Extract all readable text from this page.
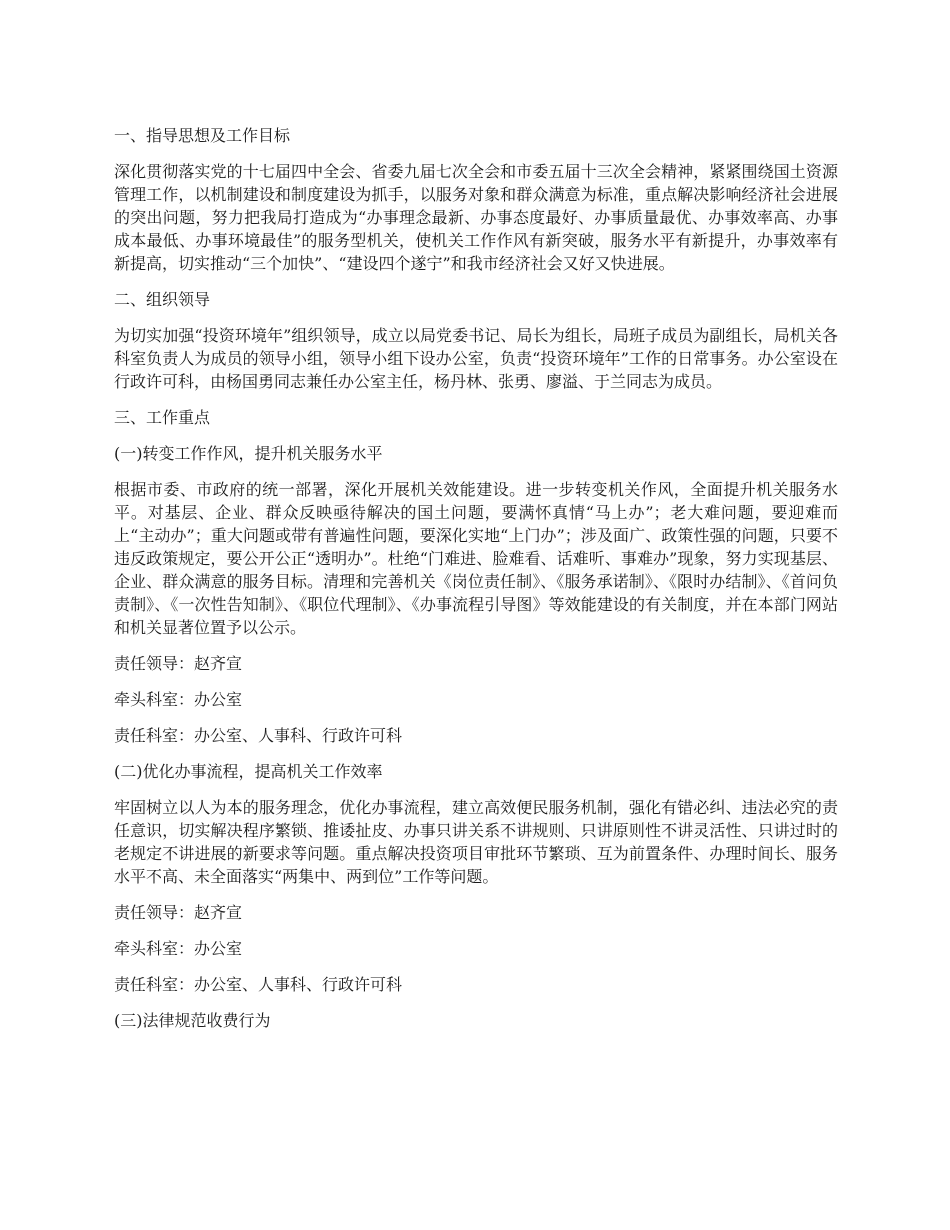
一、指导思想及工作目标

深化贯彻落实党的十七届四中全会、省委九届七次全会和市委五届十三次全会精神，紧紧围绕国土资源管理工作，以机制建设和制度建设为抓手，以服务对象和群众满意为标准，重点解决影响经济社会进展的突出问题，努力把我局打造成为“办事理念最新、办事态度最好、办事质量最优、办事效率高、办事成本最低、办事环境最佳”的服务型机关，使机关工作作风有新突破，服务水平有新提升，办事效率有新提高，切实推动“三个加快”、“建设四个遂宁”和我市经济社会又好又快进展。

二、组织领导

为切实加强“投资环境年”组织领导，成立以局党委书记、局长为组长，局班子成员为副组长，局机关各科室负责人为成员的领导小组，领导小组下设办公室，负责“投资环境年”工作的日常事务。办公室设在行政许可科，由杨国勇同志兼任办公室主任，杨丹林、张勇、廖溢、于兰同志为成员。

三、工作重点

(一)转变工作作风，提升机关服务水平

根据市委、市政府的统一部署，深化开展机关效能建设。进一步转变机关作风，全面提升机关服务水平。对基层、企业、群众反映亟待解决的国土问题，要满怀真情“马上办”；老大难问题，要迎难而上“主动办”；重大问题或带有普遍性问题，要深化实地“上门办”；涉及面广、政策性强的问题，只要不违反政策规定，要公开公正“透明办”。杜绝“门难进、脸难看、话难听、事难办”现象，努力实现基层、企业、群众满意的服务目标。清理和完善机关《岗位责任制》、《服务承诺制》、《限时办结制》、《首问负责制》、《一次性告知制》、《职位代理制》、《办事流程引导图》等效能建设的有关制度，并在本部门网站和机关显著位置予以公示。

责任领导：赵齐宣

牵头科室：办公室

责任科室：办公室、人事科、行政许可科

(二)优化办事流程，提高机关工作效率

牢固树立以人为本的服务理念，优化办事流程，建立高效便民服务机制，强化有错必纠、违法必究的责任意识，切实解决程序繁锁、推诿扯皮、办事只讲关系不讲规则、只讲原则性不讲灵活性、只讲过时的老规定不讲进展的新要求等问题。重点解决投资项目审批环节繁琐、互为前置条件、办理时间长、服务水平不高、未全面落实“两集中、两到位”工作等问题。

责任领导：赵齐宣

牵头科室：办公室

责任科室：办公室、人事科、行政许可科

(三)法律规范收费行为
